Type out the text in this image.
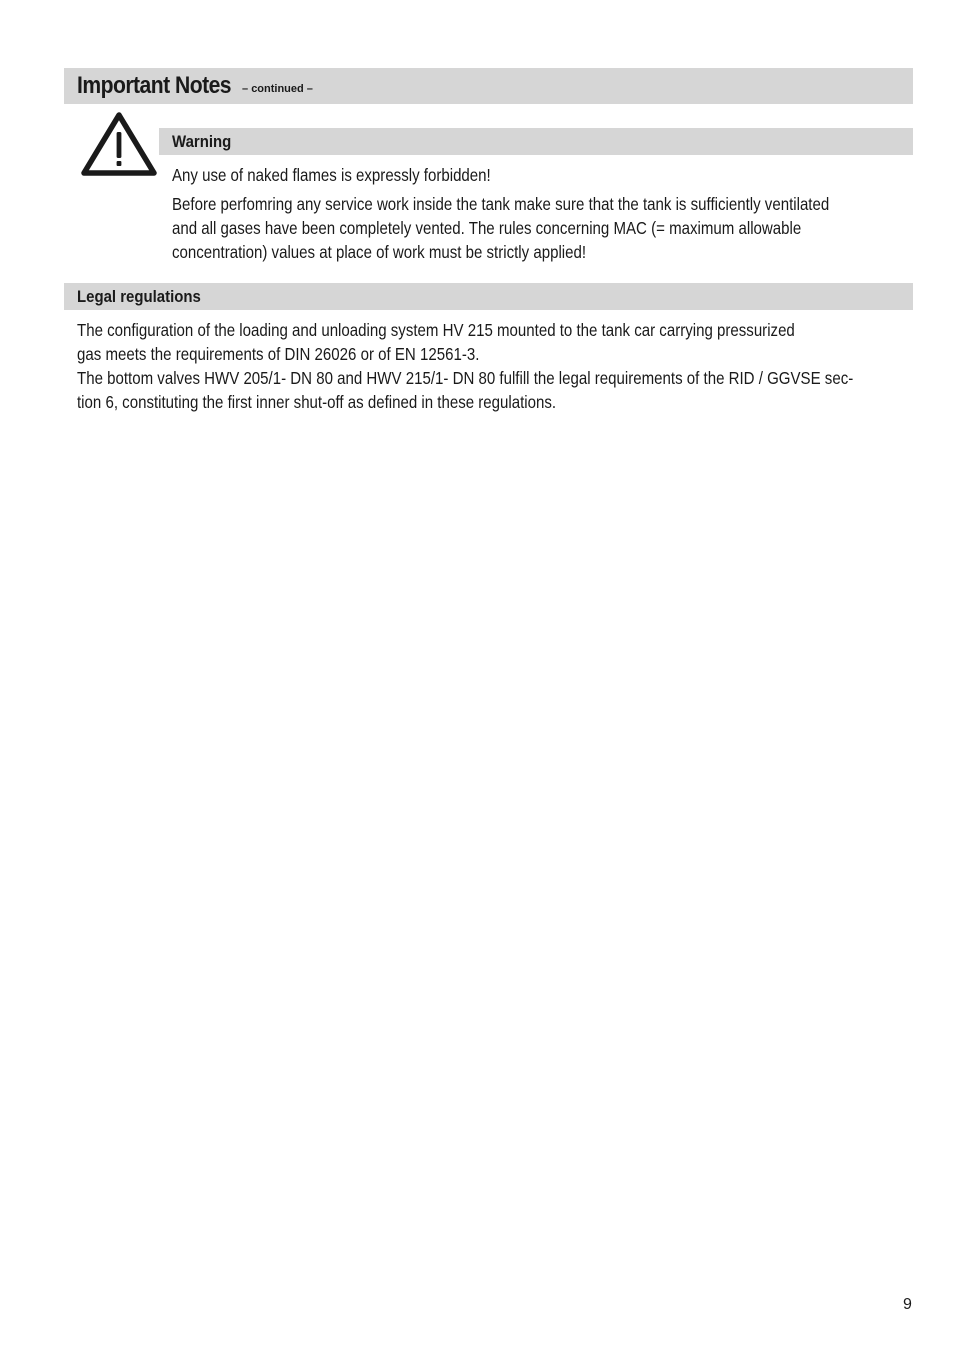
Important Notes – continued –
Warning
Any use of naked flames is expressly forbidden!
Before perfomring any service work inside the tank make sure that the tank is sufficiently ventilated
and all gases have been completely vented. The rules concerning MAC (= maximum allowable
concentration) values at place of work must be strictly applied!
Legal regulations
The configuration of the loading and unloading system HV 215 mounted to the tank car carrying pressurized
gas meets the requirements of DIN 26026 or of EN 12561-3.
The bottom valves HWV 205/1- DN 80 and HWV 215/1- DN 80 fulfill the legal requirements of the RID / GGVSE sec-
tion 6, constituting the first inner shut-off as defined in these regulations.
9
